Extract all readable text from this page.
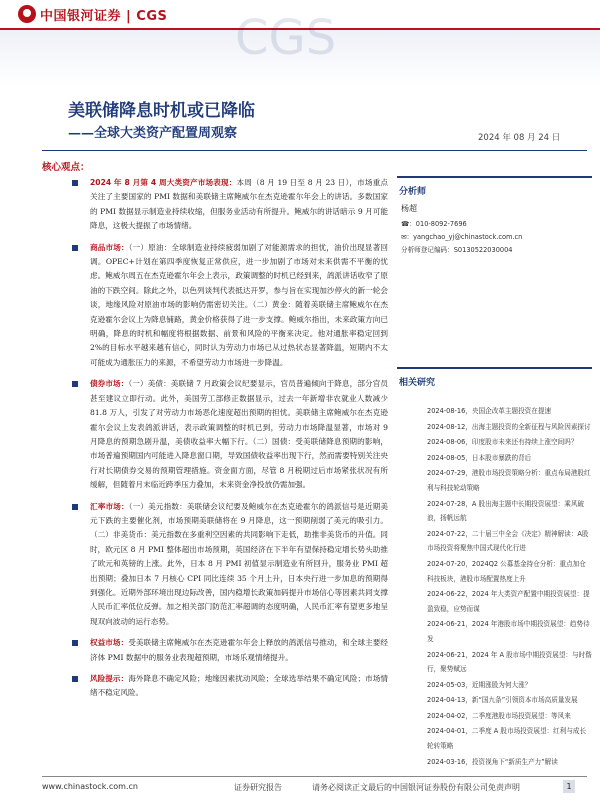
中国银河证券 | CGS CGS
美联储降息时机或已降临
——全球大类资产配置周观察	2024 年 08 月 24 日
核心观点：
2024 年 8 月第 4 周大类资产市场表现：本周（8 月 19 日至 8 月 23 日），市场重点关注了主要国家的 PMI 数据和美联储主席鲍威尔在杰克逊霍尔年会上的讲话。多数国家的 PMI 数据显示制造业持续收缩，但服务业活动有所提升。鲍威尔的讲话暗示 9 月可能降息，这极大提振了市场情绪。
商品市场：（一）原油：全球制造业持续疲弱加剧了对能源需求的担忧，油价出现显著回调。OPEC+计划在第四季度恢复正常供应，进一步加剧了市场对未来供需不平衡的忧虑。鲍威尔周五在杰克逊霍尔年会上表示，政策调整的时机已经到来，鸽派讲话收窄了原油的下跌空间。除此之外，以色列谈判代表抵达开罗，参与旨在实现加沙停火的新一轮会谈，地缘风险对原油市场的影响仍需密切关注。（二）黄金：随着美联储主席鲍威尔在杰克逊霍尔会议上为降息铺路，黄金价格获得了进一步支撑。鲍威尔指出，未来政策方向已明确，降息的时机和幅度将根据数据、前景和风险的平衡来决定。他对通胀率稳定回到 2%的目标水平越来越有信心，同时认为劳动力市场已从过热状态显著降温，短期内不太可能成为通胀压力的来源，不希望劳动力市场进一步降温。
债券市场：（一）美债：美联储 7 月政策会议纪要显示，官员普遍倾向于降息，部分官员甚至建议立即行动。此外，美国劳工部修正数据显示，过去一年新增非农就业人数减少 81.8 万人，引发了对劳动力市场恶化速度超出预期的担忧。美联储主席鲍威尔在杰克逊霍尔会议上发表鸽派讲话，表示政策调整的时机已到，劳动力市场降温显著，市场对 9 月降息的预期急剧升温，美债收益率大幅下行。（二）国债：受美联储降息预期的影响，市场普遍预期国内可能进入降息窗口期，导致国债收益率出现下行，然而需要特别关注央行对长期债券交易的预期管理措施。资金面方面，尽管 8 月税期过后市场紧张状况有所缓解，但随着月末临近跨季压力叠加，未来资金净投放仍需加强。
汇率市场：（一）美元指数：美联储会议纪要及鲍威尔在杰克逊霍尔的鸽派信号是近期美元下跌的主要催化剂，市场预期美联储将在 9 月降息，这一预期削弱了美元的吸引力。（二）非美货币：美元指数在多重利空因素的共同影响下走低，助推非美货币的升值。同时，欧元区 8 月 PMI 整体超出市场预期，英国经济在下半年有望保持稳定增长势头助推了欧元和英镑的上涨。此外，日本 8 月 PMI 初值显示制造业有所回升，服务业 PMI 超出预期；叠加日本 7 月核心 CPI 同比连续 35 个月上升，日本央行进一步加息的预期得到强化。近期外部环境出现边际改善，国内稳增长政策加码提升市场信心等因素共同支撑人民币汇率低位反弹。加之相关部门防范汇率超调的态度明确，人民币汇率有望更多地呈现双向波动的运行态势。
权益市场：受美联储主席鲍威尔在杰克逊霍尔年会上释放的鸽派信号推动，和全球主要经济体 PMI 数据中的服务业表现超预期，市场乐观情绪提升。
风险提示：海外降息不确定风险；地缘因素扰动风险；全球选举结果不确定风险；市场情绪不稳定风险。
分析师
杨超
☎：010-8092-7696
✉：yangchao_yj@chinastock.com.cn
分析师登记编码：S0130522030004
相关研究
2024-08-16，央国企改革主题投资在提速
2024-08-12，出海主题投资的全新征程与风险因素探讨
2024-08-06，印度股市未来还有持续上涨空间吗？
2024-08-05，日本股市暴跌的背后
2024-07-29，港股市场投资策略分析：重点布局港股红利与科技轮动策略
2024-07-28，A 股出海主题中长期投资展望：乘风破浪，扬帆远航
2024-07-22，二十届三中全会《决定》精神解读：A股市场投资将聚焦中国式现代化行进
2024-07-20，2024Q2 公募基金持仓分析：重点加仓科技板块，港股市场配置热度上升
2024-06-22，2024 年大类资产配置中期投资展望：提盈致稳，应势而谋
2024-06-21，2024 年港股市场中期投资展望：趋势待发
2024-06-21，2024 年 A 股市场中期投资展望：与时偕行，聚势赋远
2024-05-03，近期涨股为何大涨？
2024-04-13，新“国九条”引领资本市场高质量发展
2024-04-02，二季度港股市场投资展望：等风来
2024-04-01，二季度 A 股市场投资展望：红利与成长轮转策略
2024-03-16，投资视角下“新质生产力”解读
www.chinastock.com.cn	证券研究报告	请务必阅读正文最后的中国银河证券股份有限公司免责声明	1
